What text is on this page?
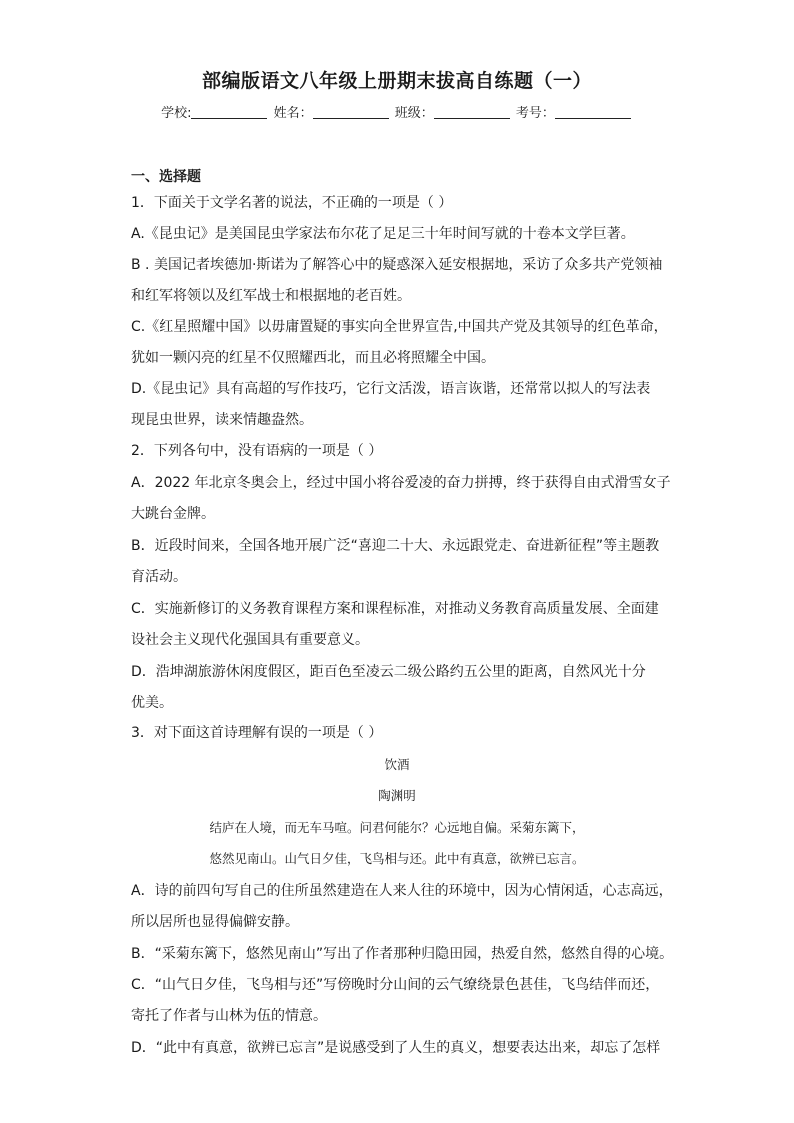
部编版语文八年级上册期末拔高自练题（一）
学校:	姓名：	班级：	考号：
一、选择题
1．下面关于文学名著的说法，不正确的一项是（ ）
A.《昆虫记》是美国昆虫学家法布尔花了足足三十年时间写就的十卷本文学巨著。
B . 美国记者埃德加·斯诺为了解答心中的疑惑深入延安根据地，采访了众多共产党领袖
和红军将领以及红军战士和根据地的老百姓。
C.《红星照耀中国》以毋庸置疑的事实向全世界宣告,中国共产党及其领导的红色革命，
犹如一颗闪亮的红星不仅照耀西北，而且必将照耀全中国。
D.《昆虫记》具有高超的写作技巧，它行文活泼，语言诙谐，还常常以拟人的写法表
现昆虫世界，读来情趣盎然。
2．下列各句中，没有语病的一项是（ ）
A．2022 年北京冬奥会上，经过中国小将谷爱凌的奋力拼搏，终于获得自由式滑雪女子
大跳台金牌。
B．近段时间来，全国各地开展广泛“喜迎二十大、永远跟党走、奋进新征程”等主题教
育活动。
C．实施新修订的义务教育课程方案和课程标准，对推动义务教育高质量发展、全面建
设社会主义现代化强国具有重要意义。
D．浩坤湖旅游休闲度假区，距百色至凌云二级公路约五公里的距离，自然风光十分
优美。
3．对下面这首诗理解有误的一项是（ ）
饮酒
陶渊明
结庐在人境，而无车马喧。问君何能尔？心远地自偏。采菊东篱下，
悠然见南山。山气日夕佳，飞鸟相与还。此中有真意，欲辨已忘言。
A．诗的前四句写自己的住所虽然建造在人来人往的环境中，因为心情闲适，心志高远，
所以居所也显得偏僻安静。
B．“采菊东篱下，悠然见南山”写出了作者那种归隐田园，热爱自然，悠然自得的心境。
C．“山气日夕佳，飞鸟相与还”写傍晚时分山间的云气缭绕景色甚佳，飞鸟结伴而还，
寄托了作者与山林为伍的情意。
D．“此中有真意，欲辨已忘言”是说感受到了人生的真义，想要表达出来，却忘了怎样
